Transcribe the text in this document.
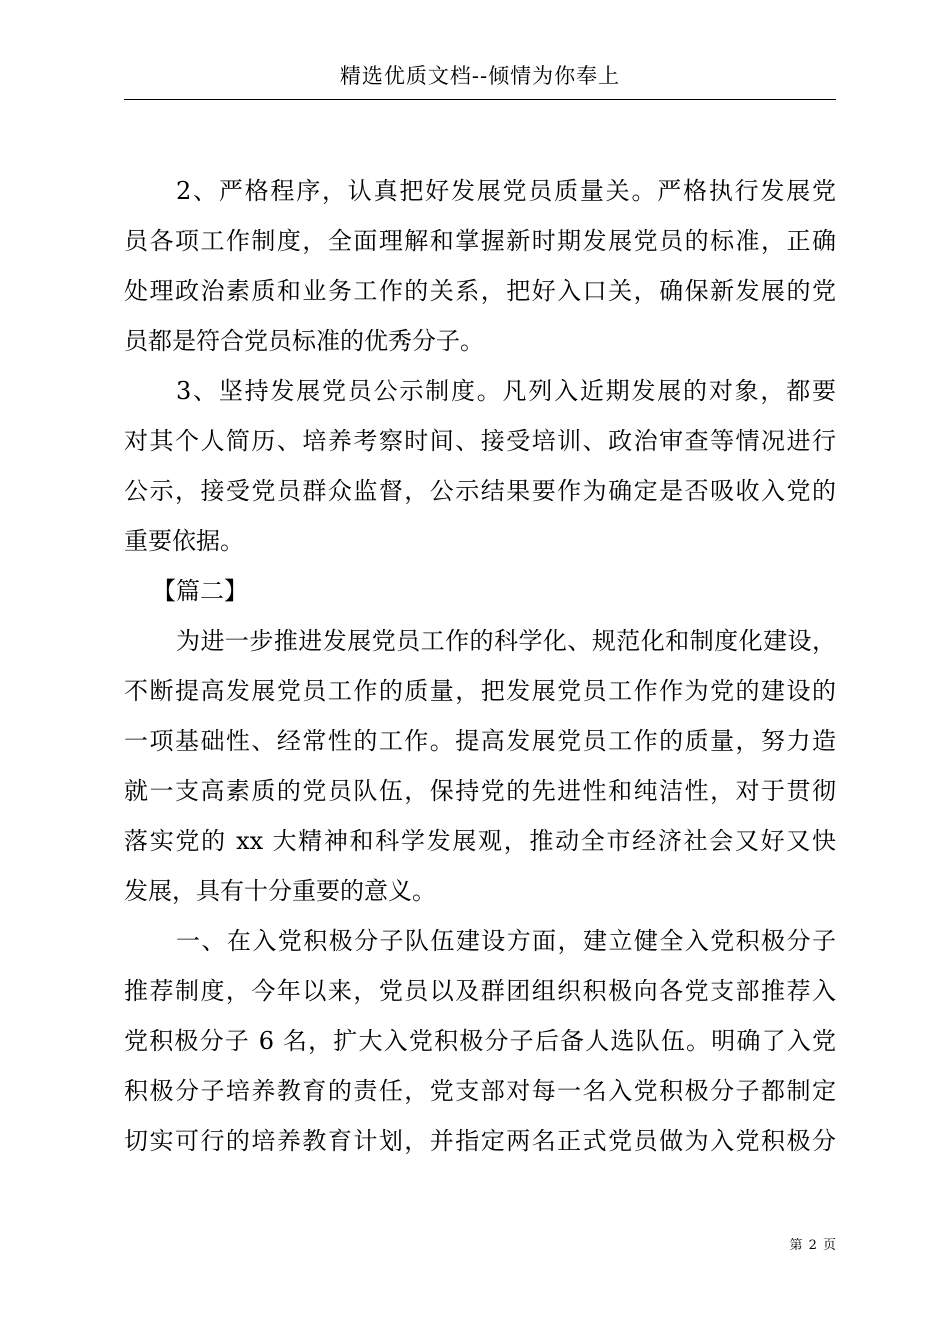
精选优质文档--倾情为你奉上
2、严格程序，认真把好发展党员质量关。严格执行发展党
员各项工作制度，全面理解和掌握新时期发展党员的标准，正确
处理政治素质和业务工作的关系，把好入口关，确保新发展的党
员都是符合党员标准的优秀分子。
3、坚持发展党员公示制度。凡列入近期发展的对象，都要
对其个人简历、培养考察时间、接受培训、政治审查等情况进行
公示，接受党员群众监督，公示结果要作为确定是否吸收入党的
重要依据。
【篇二】
为进一步推进发展党员工作的科学化、规范化和制度化建设，
不断提高发展党员工作的质量，把发展党员工作作为党的建设的
一项基础性、经常性的工作。提高发展党员工作的质量，努力造
就一支高素质的党员队伍，保持党的先进性和纯洁性，对于贯彻
落实党的 xx 大精神和科学发展观，推动全市经济社会又好又快
发展，具有十分重要的意义。
一、在入党积极分子队伍建设方面，建立健全入党积极分子
推荐制度，今年以来，党员以及群团组织积极向各党支部推荐入
党积极分子 6 名，扩大入党积极分子后备人选队伍。明确了入党
积极分子培养教育的责任，党支部对每一名入党积极分子都制定
切实可行的培养教育计划，并指定两名正式党员做为入党积极分
第 2 页
